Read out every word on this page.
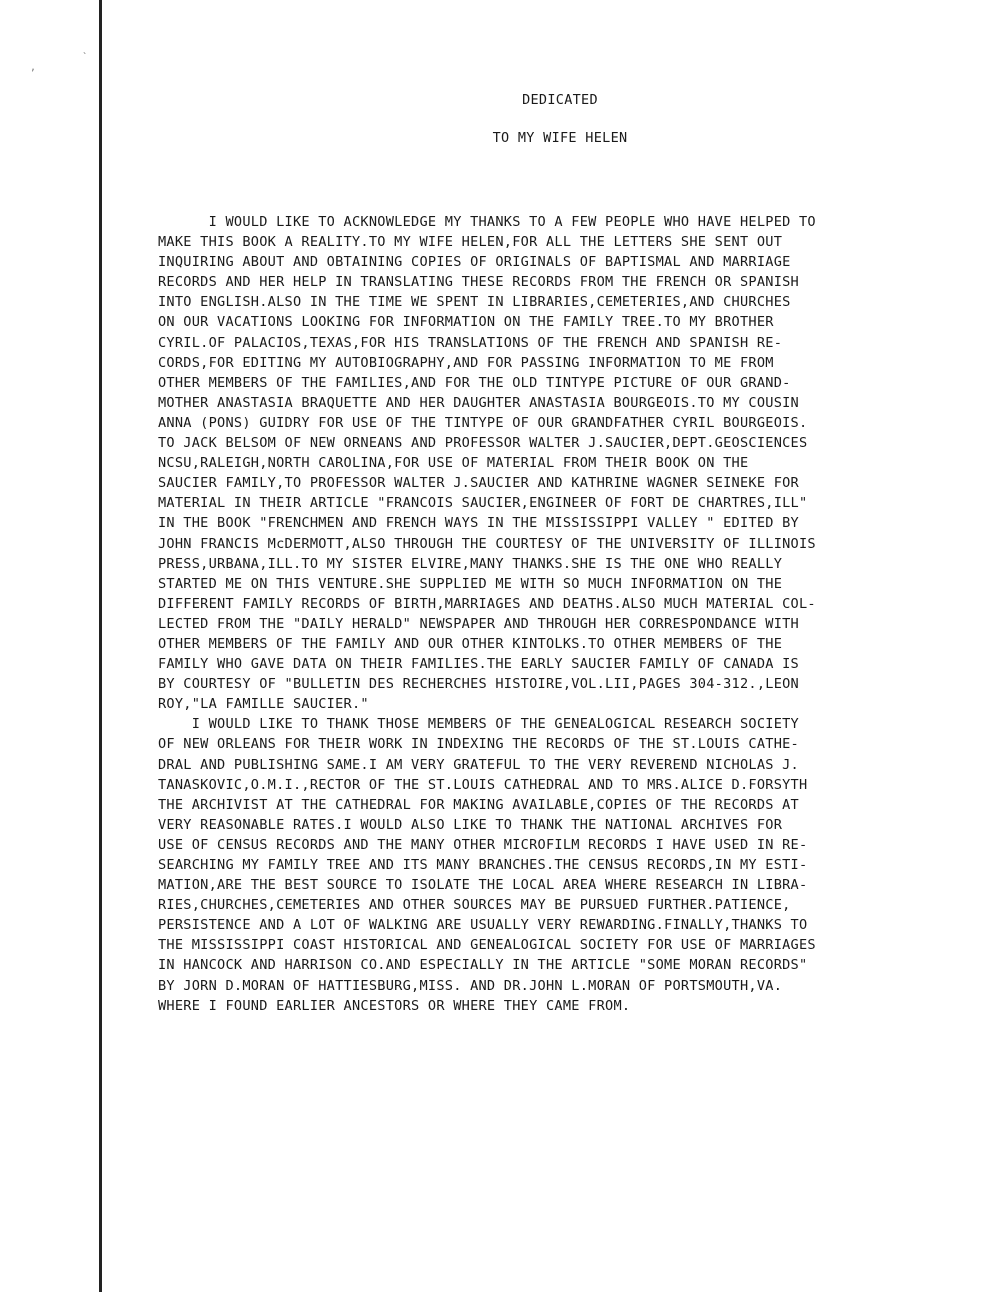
,
`
DEDICATED
TO MY WIFE HELEN
I WOULD LIKE TO ACKNOWLEDGE MY THANKS TO A FEW PEOPLE WHO HAVE HELPED TO
MAKE THIS BOOK A REALITY.TO MY WIFE HELEN,FOR ALL THE LETTERS SHE SENT OUT
INQUIRING ABOUT AND OBTAINING COPIES OF ORIGINALS OF BAPTISMAL AND MARRIAGE
RECORDS AND HER HELP IN TRANSLATING THESE RECORDS FROM THE FRENCH OR SPANISH
INTO ENGLISH.ALSO IN THE TIME WE SPENT IN LIBRARIES,CEMETERIES,AND CHURCHES
ON OUR VACATIONS LOOKING FOR INFORMATION ON THE FAMILY TREE.TO MY BROTHER
CYRIL.OF PALACIOS,TEXAS,FOR HIS TRANSLATIONS OF THE FRENCH AND SPANISH RE-
CORDS,FOR EDITING MY AUTOBIOGRAPHY,AND FOR PASSING INFORMATION TO ME FROM
OTHER MEMBERS OF THE FAMILIES,AND FOR THE OLD TINTYPE PICTURE OF OUR GRAND-
MOTHER ANASTASIA BRAQUETTE AND HER DAUGHTER ANASTASIA BOURGEOIS.TO MY COUSIN
ANNA (PONS) GUIDRY FOR USE OF THE TINTYPE OF OUR GRANDFATHER CYRIL BOURGEOIS.
TO JACK BELSOM OF NEW ORNEANS AND PROFESSOR WALTER J.SAUCIER,DEPT.GEOSCIENCES
NCSU,RALEIGH,NORTH CAROLINA,FOR USE OF MATERIAL FROM THEIR BOOK ON THE
SAUCIER FAMILY,TO PROFESSOR WALTER J.SAUCIER AND KATHRINE WAGNER SEINEKE FOR
MATERIAL IN THEIR ARTICLE "FRANCOIS SAUCIER,ENGINEER OF FORT DE CHARTRES,ILL"
IN THE BOOK "FRENCHMEN AND FRENCH WAYS IN THE MISSISSIPPI VALLEY " EDITED BY
JOHN FRANCIS McDERMOTT,ALSO THROUGH THE COURTESY OF THE UNIVERSITY OF ILLINOIS
PRESS,URBANA,ILL.TO MY SISTER ELVIRE,MANY THANKS.SHE IS THE ONE WHO REALLY
STARTED ME ON THIS VENTURE.SHE SUPPLIED ME WITH SO MUCH INFORMATION ON THE
DIFFERENT FAMILY RECORDS OF BIRTH,MARRIAGES AND DEATHS.ALSO MUCH MATERIAL COL-
LECTED FROM THE "DAILY HERALD" NEWSPAPER AND THROUGH HER CORRESPONDANCE WITH
OTHER MEMBERS OF THE FAMILY AND OUR OTHER KINTOLKS.TO OTHER MEMBERS OF THE
FAMILY WHO GAVE DATA ON THEIR FAMILIES.THE EARLY SAUCIER FAMILY OF CANADA IS
BY COURTESY OF "BULLETIN DES RECHERCHES HISTOIRE,VOL.LII,PAGES 304-312.,LEON
ROY,"LA FAMILLE SAUCIER."
I WOULD LIKE TO THANK THOSE MEMBERS OF THE GENEALOGICAL RESEARCH SOCIETY
OF NEW ORLEANS FOR THEIR WORK IN INDEXING THE RECORDS OF THE ST.LOUIS CATHE-
DRAL AND PUBLISHING SAME.I AM VERY GRATEFUL TO THE VERY REVEREND NICHOLAS J.
TANASKOVIC,O.M.I.,RECTOR OF THE ST.LOUIS CATHEDRAL AND TO MRS.ALICE D.FORSYTH
THE ARCHIVIST AT THE CATHEDRAL FOR MAKING AVAILABLE,COPIES OF THE RECORDS AT
VERY REASONABLE RATES.I WOULD ALSO LIKE TO THANK THE NATIONAL ARCHIVES FOR
USE OF CENSUS RECORDS AND THE MANY OTHER MICROFILM RECORDS I HAVE USED IN RE-
SEARCHING MY FAMILY TREE AND ITS MANY BRANCHES.THE CENSUS RECORDS,IN MY ESTI-
MATION,ARE THE BEST SOURCE TO ISOLATE THE LOCAL AREA WHERE RESEARCH IN LIBRA-
RIES,CHURCHES,CEMETERIES AND OTHER SOURCES MAY BE PURSUED FURTHER.PATIENCE,
PERSISTENCE AND A LOT OF WALKING ARE USUALLY VERY REWARDING.FINALLY,THANKS TO
THE MISSISSIPPI COAST HISTORICAL AND GENEALOGICAL SOCIETY FOR USE OF MARRIAGES
IN HANCOCK AND HARRISON CO.AND ESPECIALLY IN THE ARTICLE "SOME MORAN RECORDS"
BY JORN D.MORAN OF HATTIESBURG,MISS. AND DR.JOHN L.MORAN OF PORTSMOUTH,VA.
WHERE I FOUND EARLIER ANCESTORS OR WHERE THEY CAME FROM.
